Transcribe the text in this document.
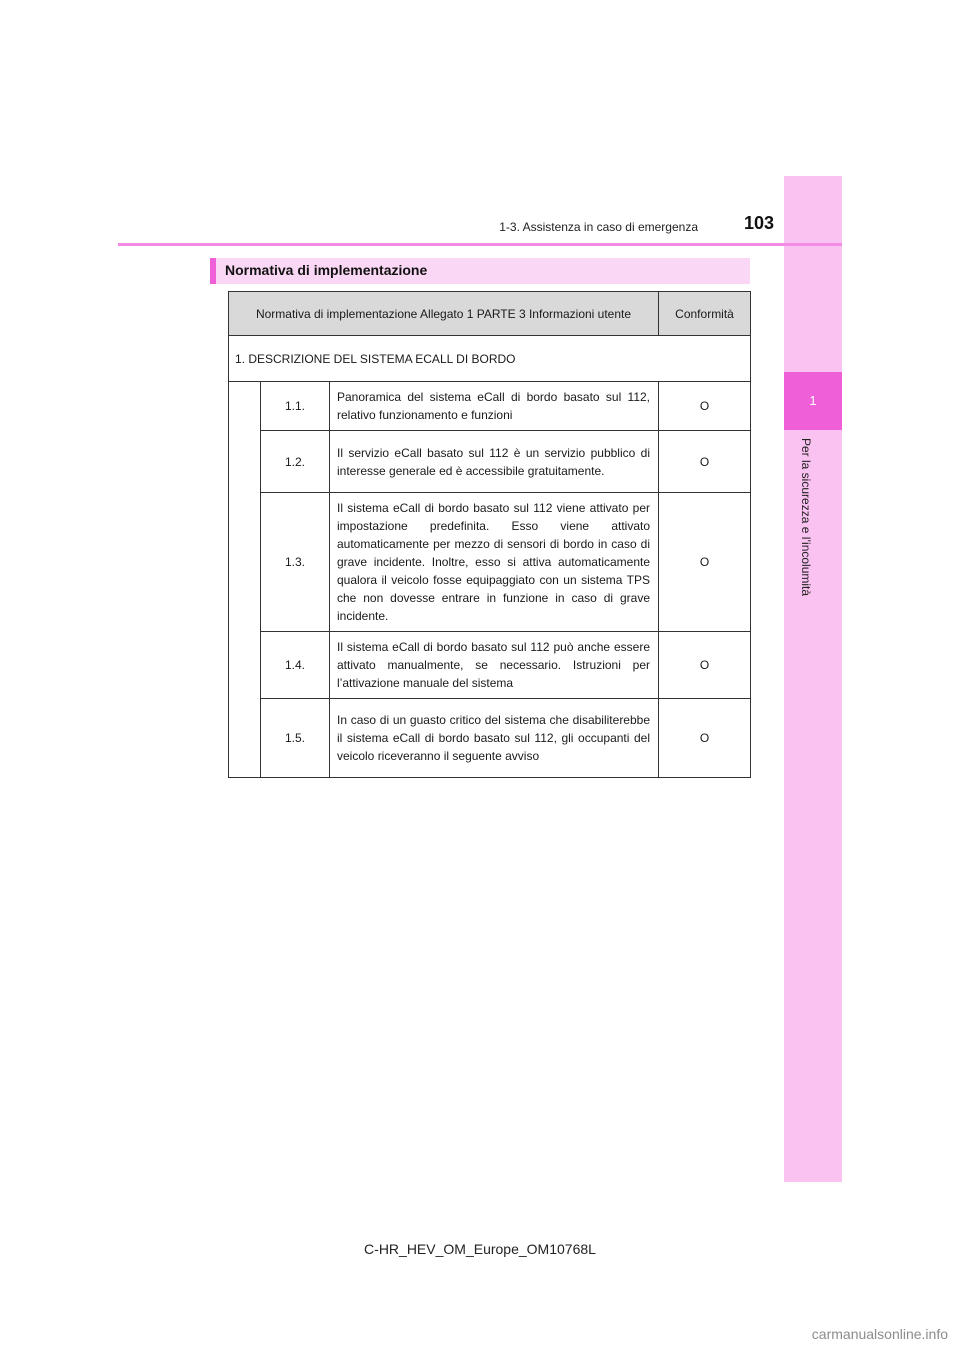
1
Per la sicurezza e l’incolumità
1-3. Assistenza in caso di emergenza	103
Normativa di implementazione
Normativa di implementazione Allegato 1 PARTE 3 Informazioni utente			Conformità
1. DESCRIZIONE DEL SISTEMA ECALL DI BORDO			
	1.1.	Panoramica del sistema eCall di bordo basato sul 112, relativo funzionamento e funzioni	O
	1.2.	Il servizio eCall basato sul 112 è un servizio pubblico di interesse generale ed è accessibile gratuitamente.	O
	1.3.	Il sistema eCall di bordo basato sul 112 viene attivato per impostazione predefinita. Esso viene attivato automaticamente per mezzo di sensori di bordo in caso di grave incidente. Inoltre, esso si attiva automaticamente qualora il veicolo fosse equipaggiato con un sistema TPS che non dovesse entrare in funzione in caso di grave incidente.	O
	1.4.	Il sistema eCall di bordo basato sul 112 può anche essere attivato manualmente, se necessario. Istruzioni per l’attivazione manuale del sistema	O
	1.5.	In caso di un guasto critico del sistema che disabiliterebbe il sistema eCall di bordo basato sul 112, gli occupanti del veicolo riceveranno il seguente avviso	O
C-HR_HEV_OM_Europe_OM10768L
carmanualsonline.info
